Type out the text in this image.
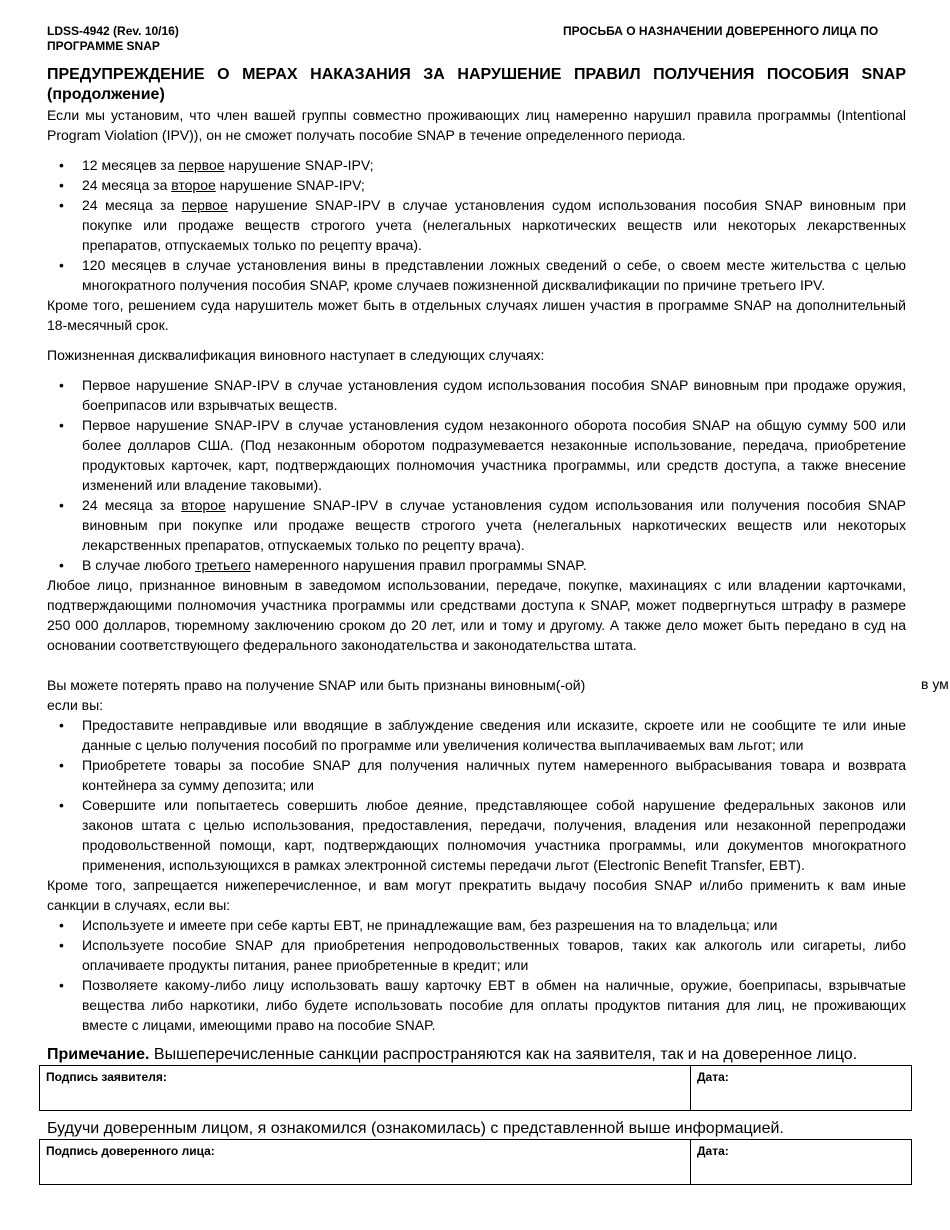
LDSS-4942 (Rev. 10/16)
ПРОГРАММЕ SNAP
ПРОСЬБА О НАЗНАЧЕНИИ ДОВЕРЕННОГО ЛИЦА ПО
в ум
ПРЕДУПРЕЖДЕНИЕ О МЕРАХ НАКАЗАНИЯ ЗА НАРУШЕНИЕ ПРАВИЛ ПОЛУЧЕНИЯ ПОСОБИЯ SNAP
(продолжение)

Если мы установим, что член вашей группы совместно проживающих лиц намеренно нарушил правила программы (Intentional Program Violation (IPV)), он не сможет получать пособие SNAP в течение определенного периода.

• 12 месяцев за первое нарушение SNAP-IPV;
• 24 месяца за второе нарушение SNAP-IPV;
• 24 месяца за первое нарушение SNAP-IPV в случае установления судом использования пособия SNAP виновным при покупке или продаже веществ строгого учета (нелегальных наркотических веществ или некоторых лекарственных препаратов, отпускаемых только по рецепту врача).
• 120 месяцев в случае установления вины в представлении ложных сведений о себе, о своем месте жительства с целью многократного получения пособия SNAP, кроме случаев пожизненной дисквалификации по причине третьего IPV.

Кроме того, решением суда нарушитель может быть в отдельных случаях лишен участия в программе SNAP на дополнительный 18-месячный срок.

Пожизненная дисквалификация виновного наступает в следующих случаях:

• Первое нарушение SNAP-IPV в случае установления судом использования пособия SNAP виновным при продаже оружия, боеприпасов или взрывчатых веществ.
• Первое нарушение SNAP-IPV в случае установления судом незаконного оборота пособия SNAP на общую сумму 500 или более долларов США. (Под незаконным оборотом подразумевается незаконные использование, передача, приобретение продуктовых карточек, карт, подтверждающих полномочия участника программы, или средств доступа, а также внесение изменений или владение таковыми).
• 24 месяца за второе нарушение SNAP-IPV в случае установления судом использования или получения пособия SNAP виновным при покупке или продаже веществ строгого учета (нелегальных наркотических веществ или некоторых лекарственных препаратов, отпускаемых только по рецепту врача).
• В случае любого третьего намеренного нарушения правил программы SNAP.

Любое лицо, признанное виновным в заведомом использовании, передаче, покупке, махинациях с или владении карточками, подтверждающими полномочия участника программы или средствами доступа к SNAP, может подвергнуться штрафу в размере 250 000 долларов, тюремному заключению сроком до 20 лет, или и тому и другому. А также дело может быть передано в суд на основании соответствующего федерального законодательства и законодательства штата.

Вы можете потерять право на получение SNAP или быть признаны виновным(-ой)

если вы:

• Предоставите неправдивые или вводящие в заблуждение сведения или исказите, скроете или не сообщите те или иные данные с целью получения пособий по программе или увеличения количества выплачиваемых вам льгот; или
• Приобретете товары за пособие SNAP для получения наличных путем намеренного выбрасывания товара и возврата контейнера за сумму депозита; или
• Совершите или попытаетесь совершить любое деяние, представляющее собой нарушение федеральных законов или законов штата с целью использования, предоставления, передачи, получения, владения или незаконной перепродажи продовольственной помощи, карт, подтверждающих полномочия участника программы, или документов многократного применения, использующихся в рамках электронной системы передачи льгот (Electronic Benefit Transfer, EBT).

Кроме того, запрещается нижеперечисленное, и вам могут прекратить выдачу пособия SNAP и/либо применить к вам иные санкции в случаях, если вы:

• Используете и имеете при себе карты EBT, не принадлежащие вам, без разрешения на то владельца; или
• Используете пособие SNAP для приобретения непродовольственных товаров, таких как алкоголь или сигареты, либо оплачиваете продукты питания, ранее приобретенные в кредит; или
• Позволяете какому-либо лицу использовать вашу карточку EBT в обмен на наличные, оружие, боеприпасы, взрывчатые вещества либо наркотики, либо будете использовать пособие для оплаты продуктов питания для лиц, не проживающих вместе с лицами, имеющими право на пособие SNAP.
Примечание. Вышеперечисленные санкции распространяются как на заявителя, так и на доверенное лицо.
Подпись заявителя:	Дата:
Будучи доверенным лицом, я ознакомился (ознакомилась) с представленной выше информацией.
Подпись доверенного лица:	Дата:
